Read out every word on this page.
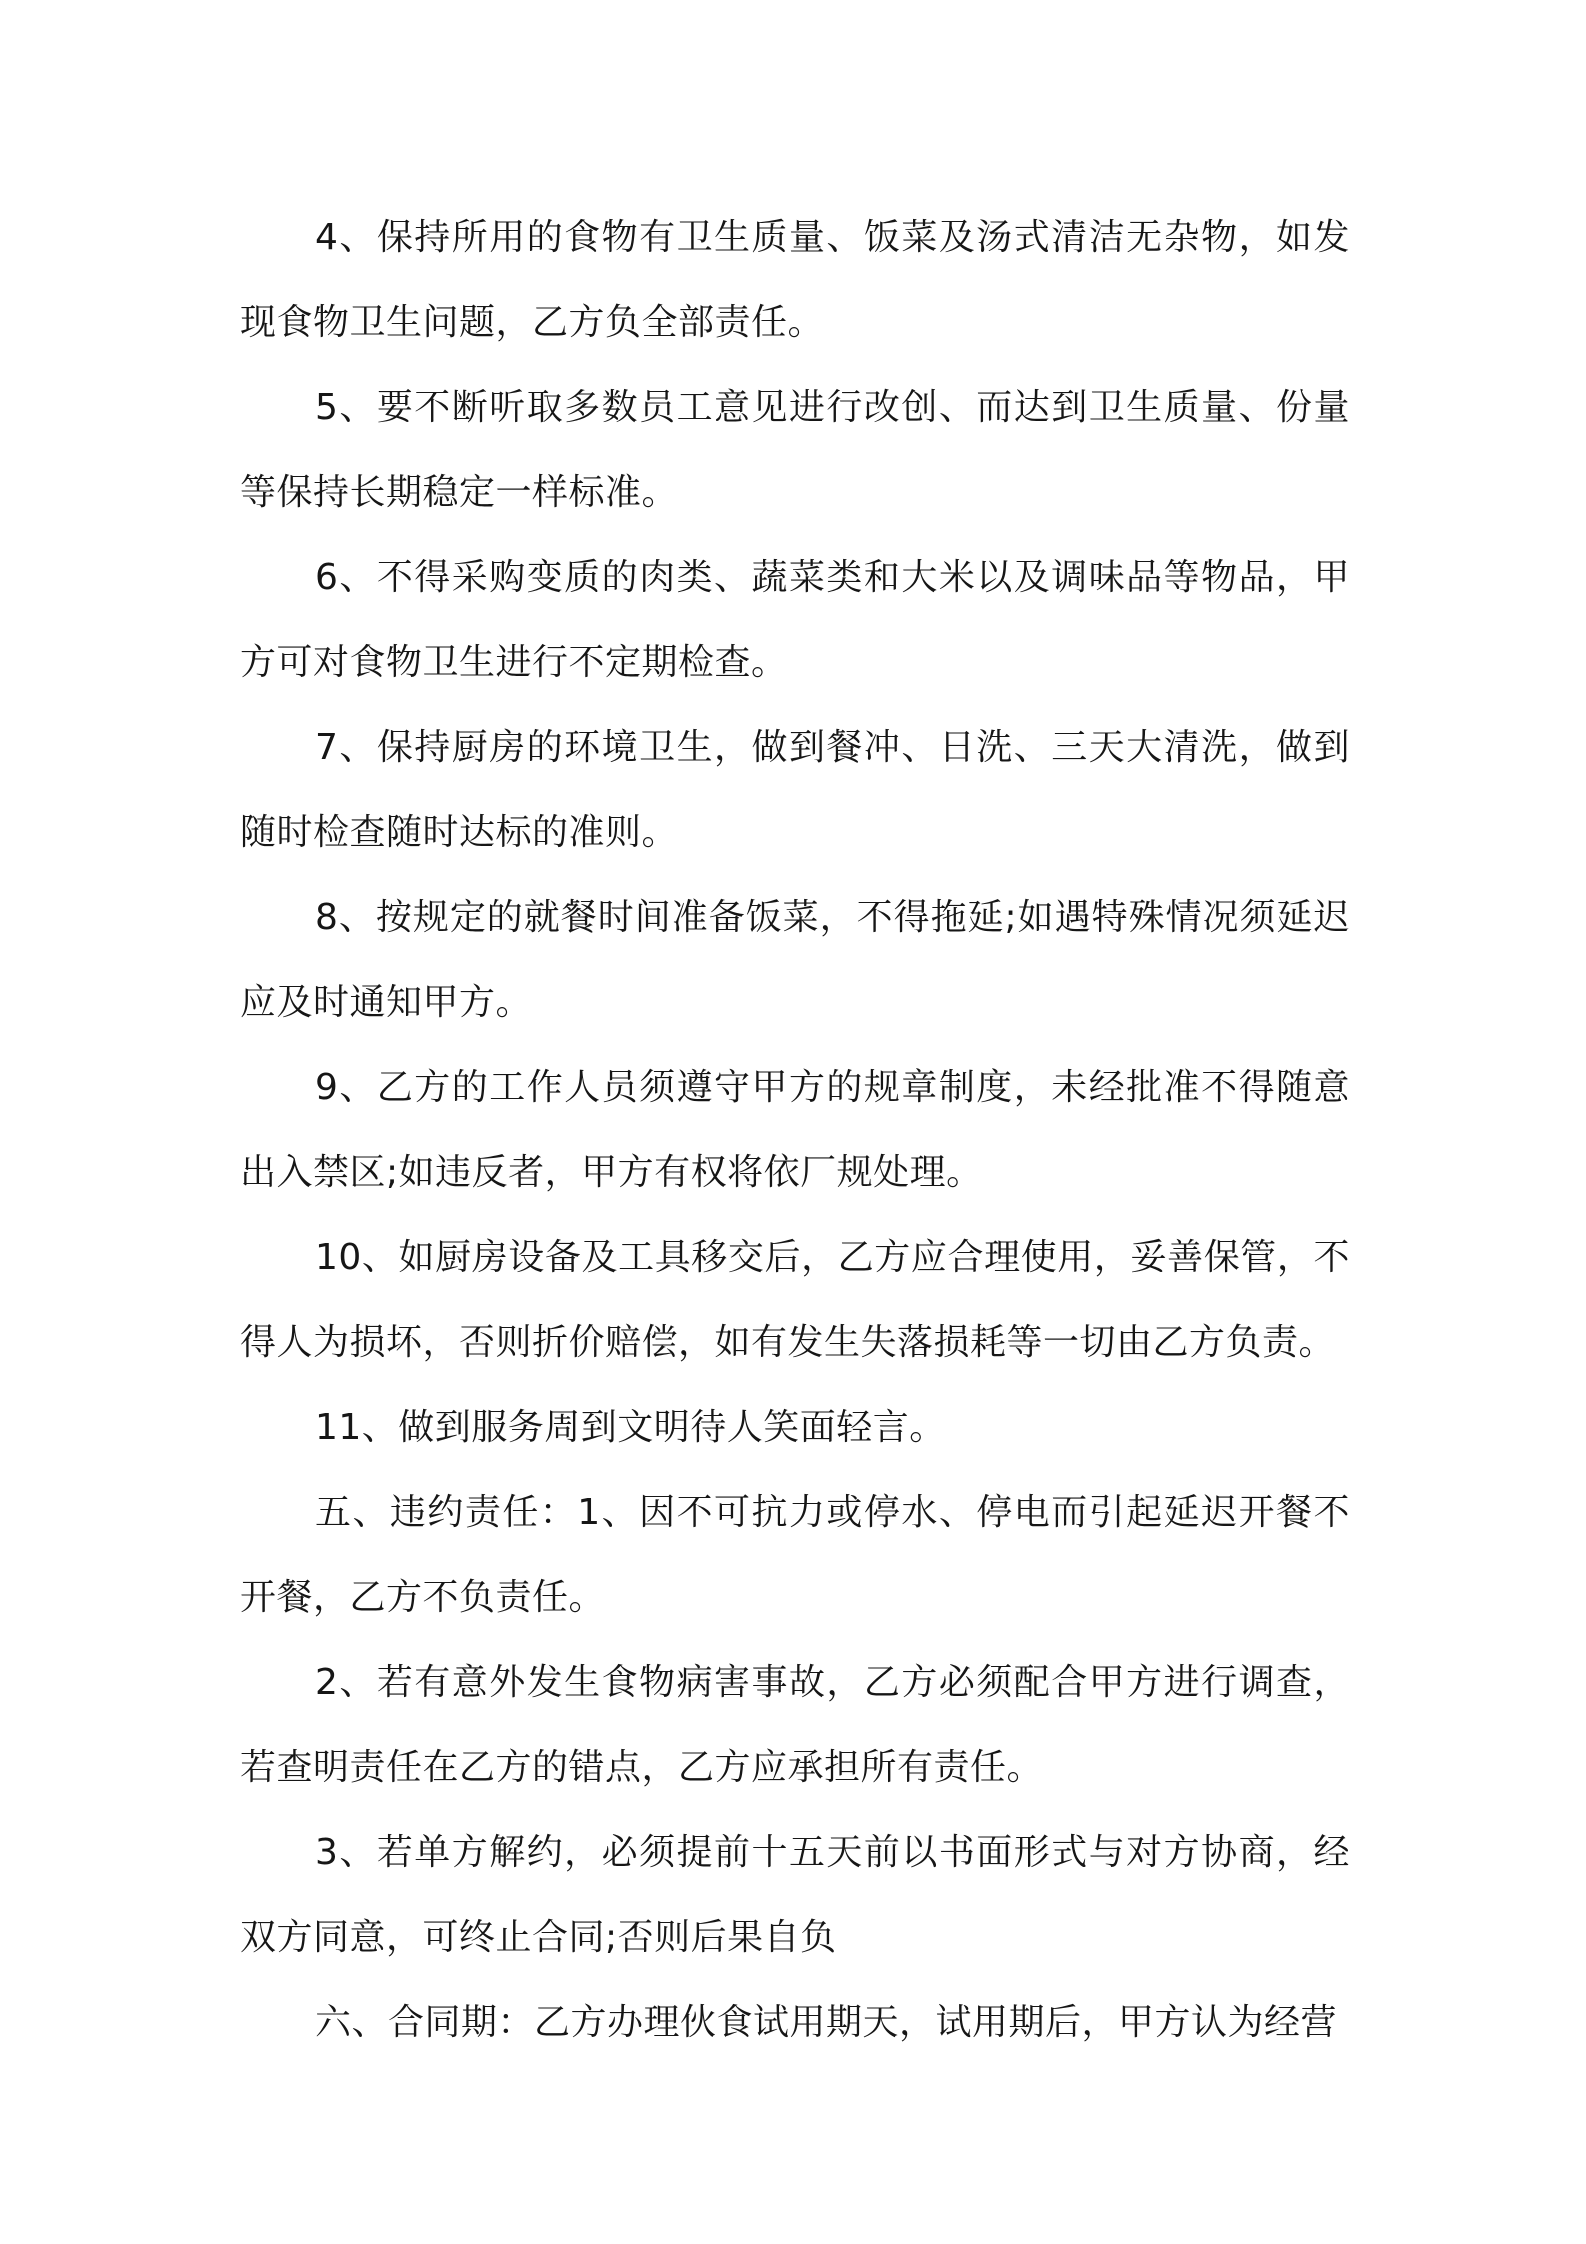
4、保持所用的食物有卫生质量、饭菜及汤式清洁无杂物，如发现食物卫生问题，乙方负全部责任。

5、要不断听取多数员工意见进行改创、而达到卫生质量、份量等保持长期稳定一样标准。

6、不得采购变质的肉类、蔬菜类和大米以及调味品等物品，甲方可对食物卫生进行不定期检查。

7、保持厨房的环境卫生，做到餐冲、日洗、三天大清洗，做到随时检查随时达标的准则。

8、按规定的就餐时间准备饭菜，不得拖延;如遇特殊情况须延迟应及时通知甲方。

9、乙方的工作人员须遵守甲方的规章制度，未经批准不得随意出入禁区;如违反者，甲方有权将依厂规处理。

10、如厨房设备及工具移交后，乙方应合理使用，妥善保管，不得人为损坏，否则折价赔偿，如有发生失落损耗等一切由乙方负责。

11、做到服务周到文明待人笑面轻言。

五、违约责任：1、因不可抗力或停水、停电而引起延迟开餐不开餐，乙方不负责任。

2、若有意外发生食物病害事故，乙方必须配合甲方进行调查，若查明责任在乙方的错点，乙方应承担所有责任。

3、若单方解约，必须提前十五天前以书面形式与对方协商，经双方同意，可终止合同;否则后果自负

六、合同期：乙方办理伙食试用期天，试用期后，甲方认为经营
